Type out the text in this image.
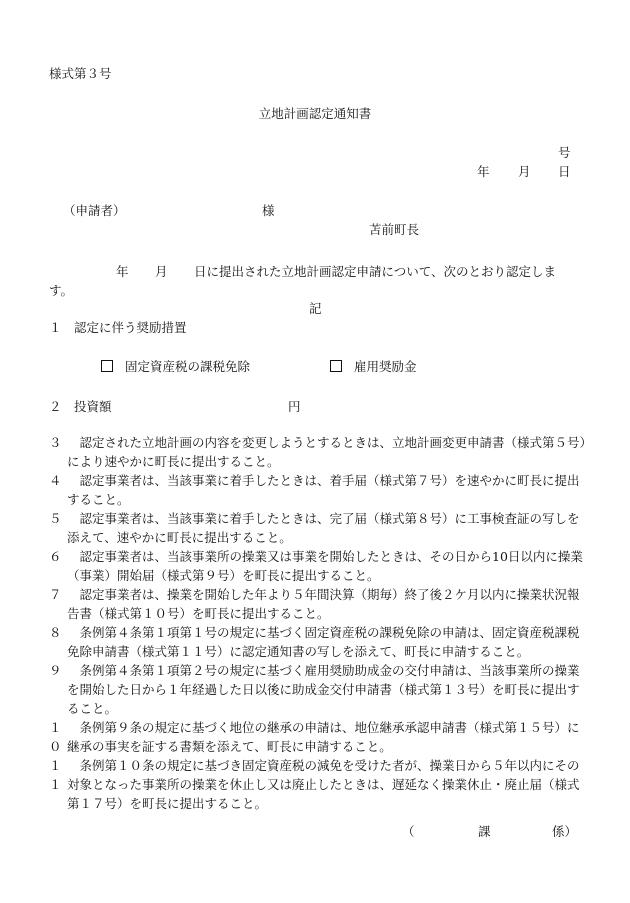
様式第３号
立地計画認定通知書
号
年 月 日
（申請者）	様
苫前町長
年 月 日に提出された立地計画認定申請について、次のとおり認定しま
す。
記
１ 認定に伴う奨励措置
固定資産税の課税免除	雇用奨励金
２ 投資額	円
３	認定された立地計画の内容を変更しようとするときは、立地計画変更申請書（様式第５号）により速やかに町長に提出すること。
４	認定事業者は、当該事業に着手したときは、着手届（様式第７号）を速やかに町長に提出すること。
５	認定事業者は、当該事業に着手したときは、完了届（様式第８号）に工事検査証の写しを添えて、速やかに町長に提出すること。
６	認定事業者は、当該事業所の操業又は事業を開始したときは、その日から10日以内に操業（事業）開始届（様式第９号）を町長に提出すること。
７	認定事業者は、操業を開始した年より５年間決算（期毎）終了後２ケ月以内に操業状況報告書（様式第１０号）を町長に提出すること。
８	条例第４条第１項第１号の規定に基づく固定資産税の課税免除の申請は、固定資産税課税免除申請書（様式第１１号）に認定通知書の写しを添えて、町長に申請すること。
９	条例第４条第１項第２号の規定に基づく雇用奨励助成金の交付申請は、当該事業所の操業を開始した日から１年経過した日以後に助成金交付申請書（様式第１３号）を町長に提出すること。
１０
条例第９条の規定に基づく地位の継承の申請は、地位継承承認申請書（様式第１５号）に継承の事実を証する書類を添えて、町長に申請すること。
１１
条例第１０条の規定に基づき固定資産税の減免を受けた者が、操業日から５年以内にその対象となった事業所の操業を休止し又は廃止したときは、遅延なく操業休止・廃止届（様式第１７号）を町長に提出すること。
（	課	係）
